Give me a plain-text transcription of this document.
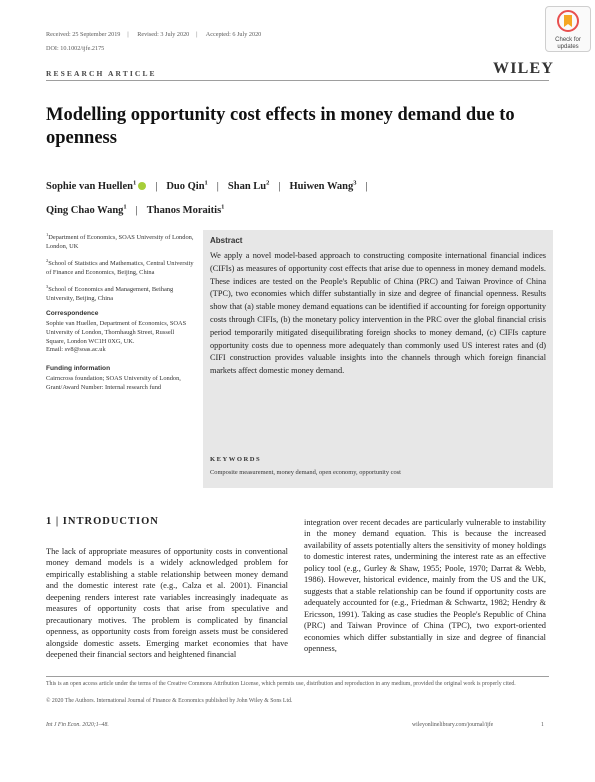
Received: 25 September 2019 | Revised: 3 July 2020 | Accepted: 6 July 2020
DOI: 10.1002/ijfe.2175
Check for
updates
RESEARCH ARTICLE	WILEY
Modelling opportunity cost effects in money demand due to openness
Sophie van Huellen$^1$ | Duo Qin$^1$ | Shan Lu$^2$ | Huiwen Wang$^3$ |
Qing Chao Wang$^1$ | Thanos Moraitis$^1$

$^1$Department of Economics, SOAS University of London, London, UK

$^2$School of Statistics and Mathematics, Central University of Finance and Economics, Beijing, China

$^3$School of Economics and Management, Beihang University, Beijing, China

Correspondence
Sophie van Huellen, Department of Economics, SOAS University of London, Thornhaugh Street, Russell Square, London WC1H 0XG, UK.
Email: sv8@soas.ac.uk
Funding information
Cairncross foundation; SOAS University of London, Grant/Award Number: Internal research fund
Abstract
We apply a novel model-based approach to constructing composite international financial indices (CIFIs) as measures of opportunity cost effects that arise due to openness in money demand models. These indices are tested on the People's Republic of China (PRC) and Taiwan Province of China (TPC), two economies which differ substantially in size and degree of financial openness. Results show that (a) stable money demand equations can be identified if accounting for foreign opportunity costs through CIFIs, (b) the monetary policy intervention in the PRC over the global financial crisis period temporarily mitigated disequilibrating foreign shocks to money demand, (c) CIFIs capture opportunity costs due to openness more adequately than commonly used US interest rates and (d) CIFI construction provides valuable insights into the channels through which foreign financial markets affect domestic money demand.
KEYWORDS
Composite measurement, money demand, open economy, opportunity cost
1 | INTRODUCTION
The lack of appropriate measures of opportunity costs in conventional money demand models is a widely acknowledged problem for empirically establishing a stable relationship between money demand and the domestic interest rate (e.g., Calza et al. 2001). Financial deepening renders interest rate variables increasingly inadequate as measures of opportunity costs that arise from speculative and precautionary motives. The problem is complicated by financial openness, as opportunity costs from foreign assets must be considered alongside domestic assets. Emerging market economies that have deepened their financial sectors and heightened financial
integration over recent decades are particularly vulnerable to instability in the money demand equation. This is because the increased availability of assets potentially alters the sensitivity of money holdings to domestic interest rates, undermining the interest rate as an effective policy tool (e.g., Gurley & Shaw, 1955; Poole, 1970; Darrat & Webb, 1986). However, historical evidence, mainly from the US and the UK, suggests that a stable relationship can be found if opportunity costs are adequately accounted for (e.g., Friedman & Schwartz, 1982; Hendry & Ericsson, 1991). Taking as case studies the People's Republic of China (PRC) and Taiwan Province of China (TPC), two export-oriented economies which differ substantially in size and degree of financial openness,
This is an open access article under the terms of the Creative Commons Attribution License, which permits use, distribution and reproduction in any medium, provided the original work is properly cited.
© 2020 The Authors. International Journal of Finance & Economics published by John Wiley & Sons Ltd.
Int J Fin Econ. 2020;1–48.	wileyonlinelibrary.com/journal/ijfe	1
